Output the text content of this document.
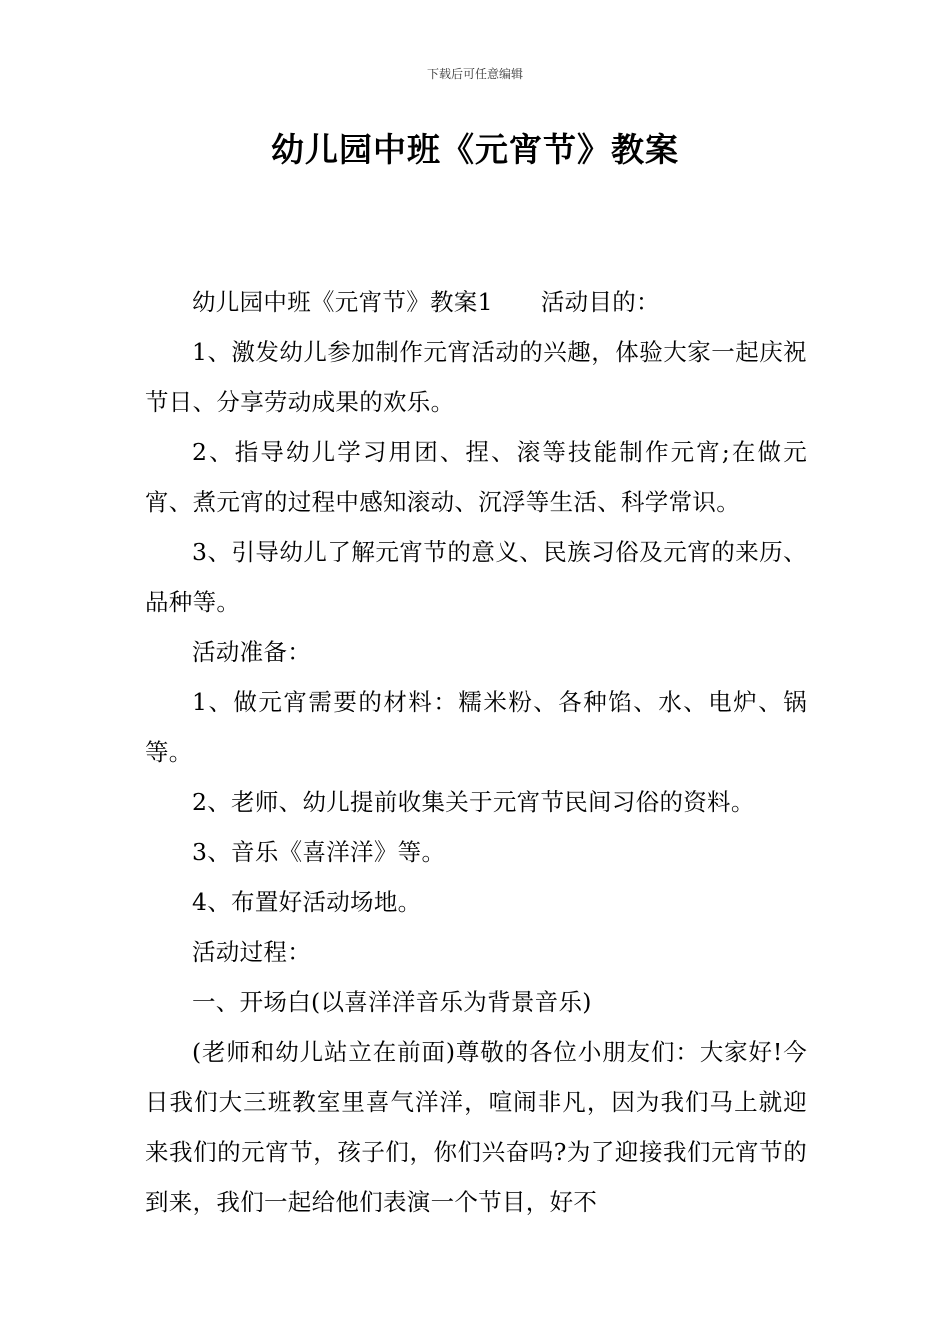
下载后可任意编辑
幼儿园中班《元宵节》教案

幼儿园中班《元宵节》教案1 活动目的：

1、激发幼儿参加制作元宵活动的兴趣，体验大家一起庆祝节日、分享劳动成果的欢乐。

2、指导幼儿学习用团、捏、滚等技能制作元宵;在做元宵、煮元宵的过程中感知滚动、沉浮等生活、科学常识。

3、引导幼儿了解元宵节的意义、民族习俗及元宵的来历、品种等。

活动准备：

1、做元宵需要的材料：糯米粉、各种馅、水、电炉、锅等。

2、老师、幼儿提前收集关于元宵节民间习俗的资料。

3、音乐《喜洋洋》等。

4、布置好活动场地。

活动过程：

一、开场白(以喜洋洋音乐为背景音乐)

(老师和幼儿站立在前面)尊敬的各位小朋友们：大家好!今日我们大三班教室里喜气洋洋，喧闹非凡，因为我们马上就迎来我们的元宵节，孩子们，你们兴奋吗?为了迎接我们元宵节的到来，我们一起给他们表演一个节目，好不
